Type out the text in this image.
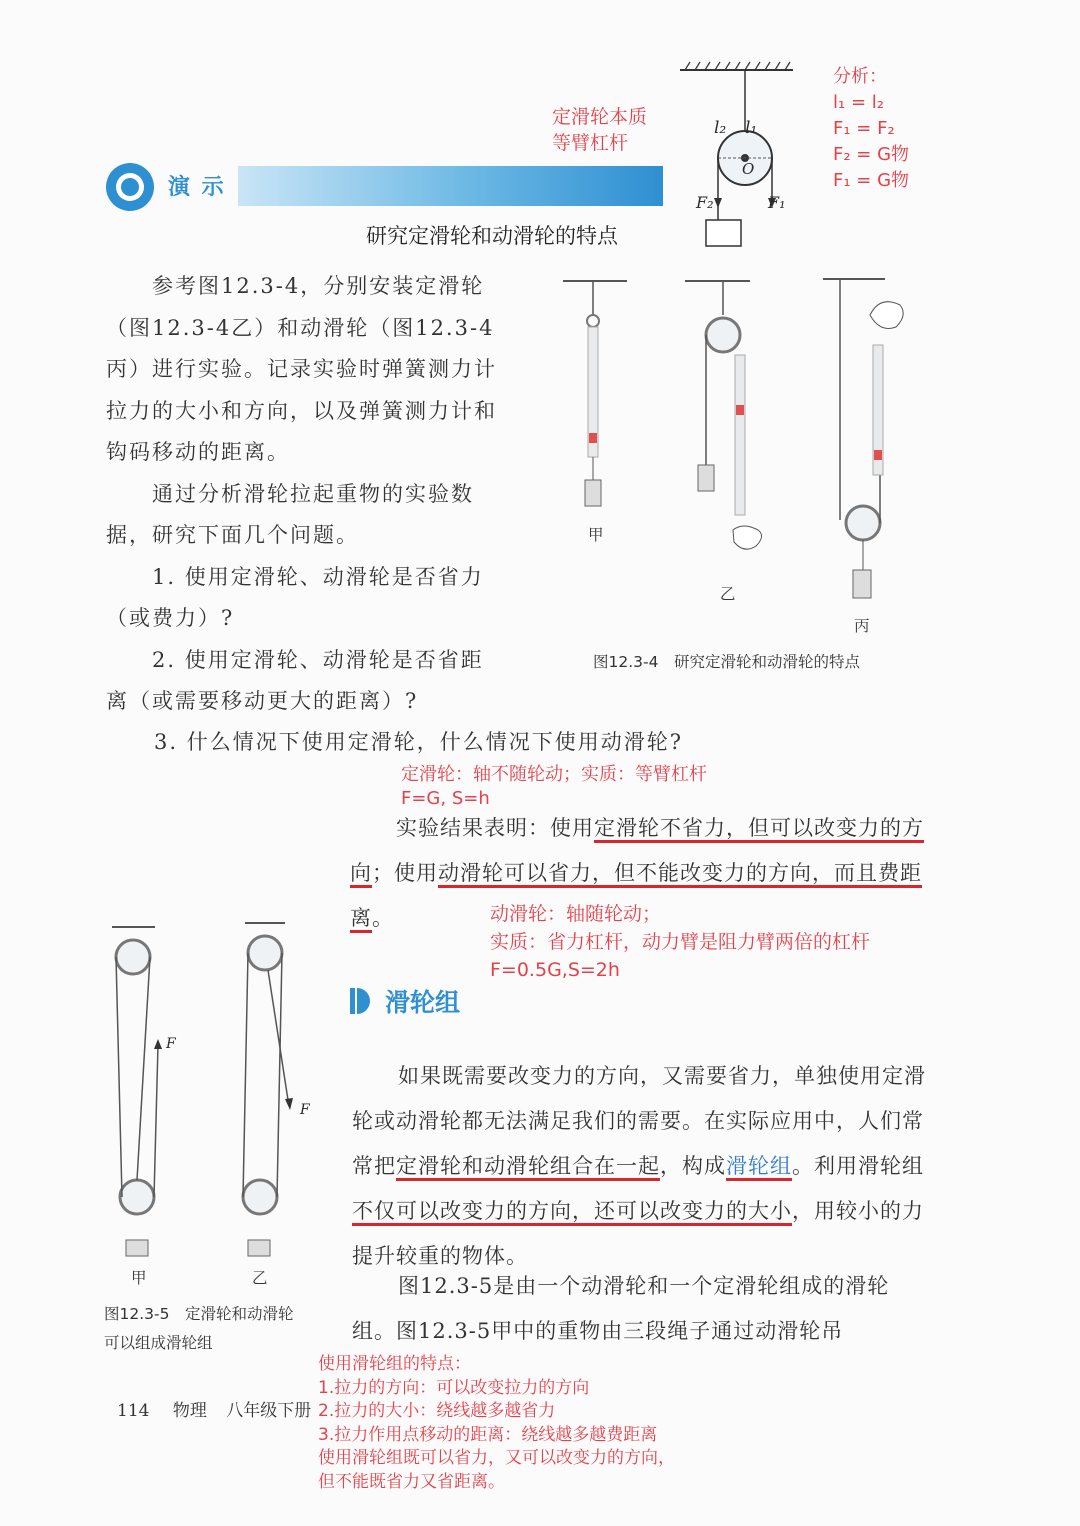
定滑轮本质
等臂杠杆
分析：
l₁ = l₂
F₁ = F₂
F₂ = G物
F₁ = G物
l₂ l₁
O
F₂	F₁
演 示
研究定滑轮和动滑轮的特点

参考图12.3-4，分别安装定滑轮（图12.3-4乙）和动滑轮（图12.3-4丙）进行实验。记录实验时弹簧测力计拉力的大小和方向，以及弹簧测力计和钩码移动的距离。

通过分析滑轮拉起重物的实验数据，研究下面几个问题。

1. 使用定滑轮、动滑轮是否省力（或费力）?

2. 使用定滑轮、动滑轮是否省距离（或需要移动更大的距离）?

3. 什么情况下使用定滑轮，什么情况下使用动滑轮?
甲
乙
丙
图12.3-4　研究定滑轮和动滑轮的特点
定滑轮：轴不随轮动；实质：等臂杠杆
F=G, S=h
实验结果表明：使用定滑轮不省力，但可以改变力的方向；使用动滑轮可以省力，但不能改变力的方向，而且费距离。	动滑轮：轴随轮动；
实质：省力杠杆，动力臂是阻力臂两倍的杠杆
F=0.5G,S=2h
滑轮组
F
F
甲	乙
图12.3-5　定滑轮和动滑轮
可以组成滑轮组
如果既需要改变力的方向，又需要省力，单独使用定滑轮或动滑轮都无法满足我们的需要。在实际应用中，人们常常把定滑轮和动滑轮组合在一起，构成滑轮组。利用滑轮组不仅可以改变力的方向，还可以改变力的大小，用较小的力提升较重的物体。
图12.3-5是由一个动滑轮和一个定滑轮组成的滑轮组。图12.3-5甲中的重物由三段绳子通过动滑轮吊
使用滑轮组的特点：
1.拉力的方向：可以改变拉力的方向
2.拉力的大小：绕线越多越省力
3.拉力作用点移动的距离：绕线越多越费距离
使用滑轮组既可以省力，又可以改变力的方向，
但不能既省力又省距离。
114 物理 八年级下册
